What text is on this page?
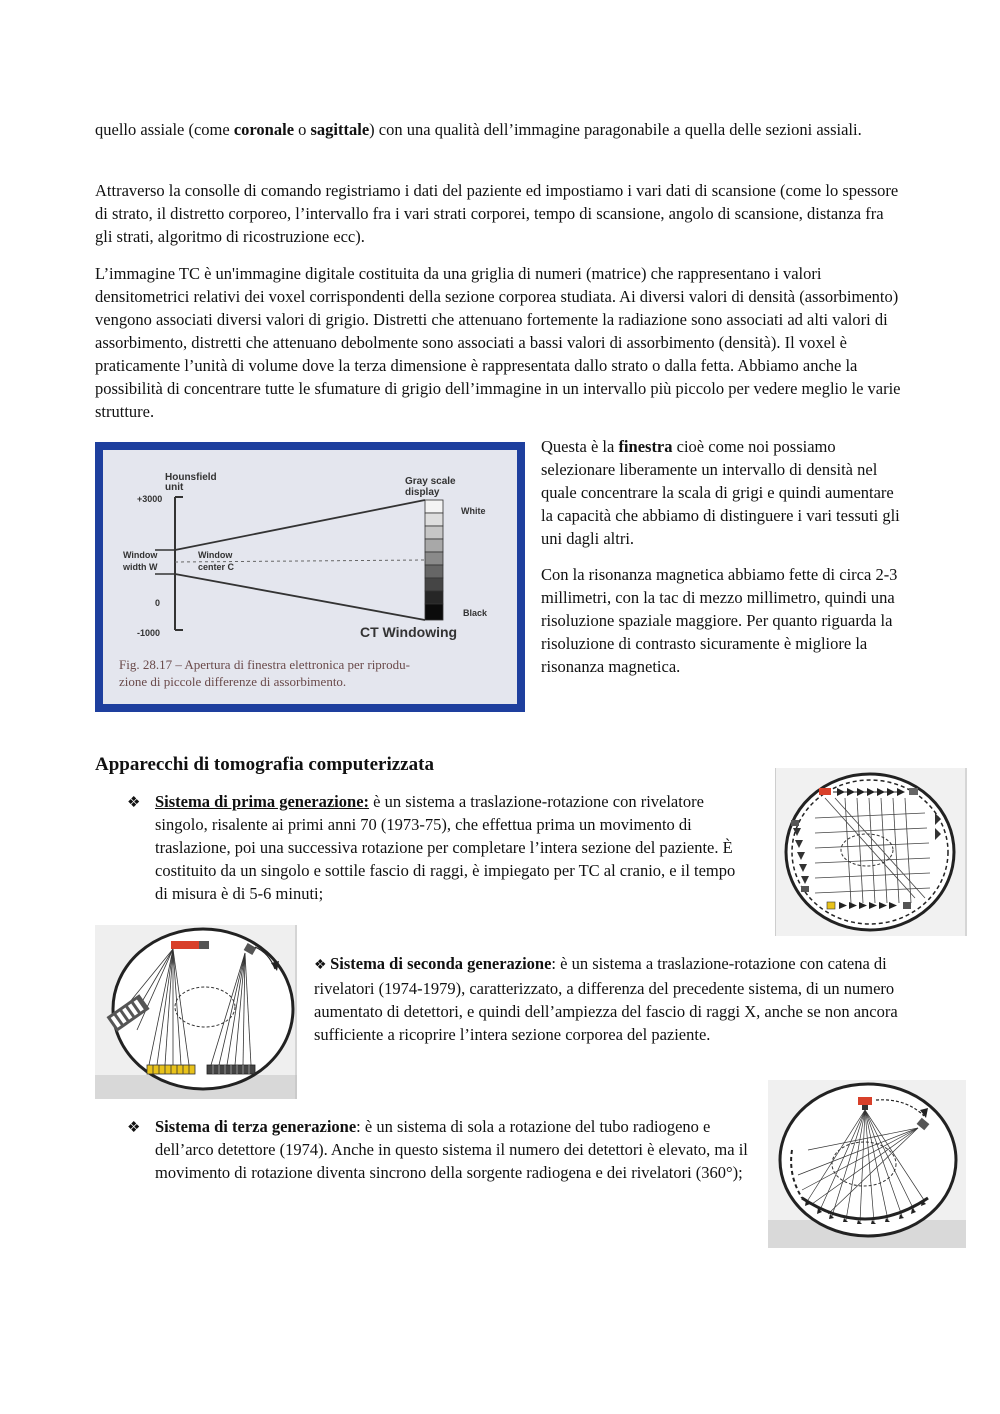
quello assiale (come coronale o sagittale) con una qualità dell’immagine paragonabile a quella delle sezioni assiali.

Attraverso la consolle di comando registriamo i dati del paziente ed impostiamo i vari dati di scansione (come lo spessore di strato, il distretto corporeo, l’intervallo fra i vari strati corporei, tempo di scansione, angolo di scansione, distanza fra gli strati, algoritmo di ricostruzione ecc).

L’immagine TC è un'immagine digitale costituita da una griglia di numeri (matrice) che rappresentano i valori densitometrici relativi dei voxel corrispondenti della sezione corporea studiata. Ai diversi valori di densità (assorbimento) vengono associati diversi valori di grigio. Distretti che attenuano fortemente la radiazione sono associati ad alti valori di assorbimento, distretti che attenuano debolmente sono associati a bassi valori di assorbimento (densità). Il voxel è praticamente l’unità di volume dove la terza dimensione è rappresentata dallo strato o dalla fetta. Abbiamo anche la possibilità di concentrare tutte le sfumature di grigio dell’immagine in un intervallo più piccolo per vedere meglio le varie strutture.

Hounsfield
unit
+3000
Gray scale
display
White
Window
width W
Window
center C
0
Black
-1000	CT Windowing
Fig. 28.17 – Apertura di finestra elettronica per riprodu-
zione di piccole differenze di assorbimento.

Questa è la finestra cioè come noi possiamo selezionare liberamente un intervallo di densità nel quale concentrare la scala di grigi e quindi aumentare la capacità che abbiamo di distinguere i vari tessuti gli uni dagli altri.

Con la risonanza magnetica abbiamo fette di circa 2-3 millimetri, con la tac di mezzo millimetro, quindi una risoluzione spaziale maggiore. Per quanto riguarda la risoluzione di contrasto sicuramente è migliore la risonanza magnetica.

Apparecchi di tomografia computerizzata
❖ Sistema di prima generazione: è un sistema a traslazione-rotazione con rivelatore singolo, risalente ai primi anni 70 (1973-75), che effettua prima un movimento di traslazione, poi una successiva rotazione per completare l’intera sezione del paziente. È costituito da un singolo e sottile fascio di raggi, è impiegato per TC al cranio, e il tempo di misura è di 5-6 minuti;

❖ Sistema di seconda generazione: è un sistema a traslazione-rotazione con catena di rivelatori (1974-1979), caratterizzato, a differenza del precedente sistema, di un numero aumentato di detettori, e quindi dell’ampiezza del fascio di raggi X, anche se non ancora sufficiente a ricoprire l’intera sezione corporea del paziente.

❖ Sistema di terza generazione: è un sistema di sola a rotazione del tubo radiogeno e dell’arco detettore (1974). Anche in questo sistema il numero dei detettori è elevato, ma il movimento di rotazione diventa sincrono della sorgente radiogena e dei rivelatori (360°);
